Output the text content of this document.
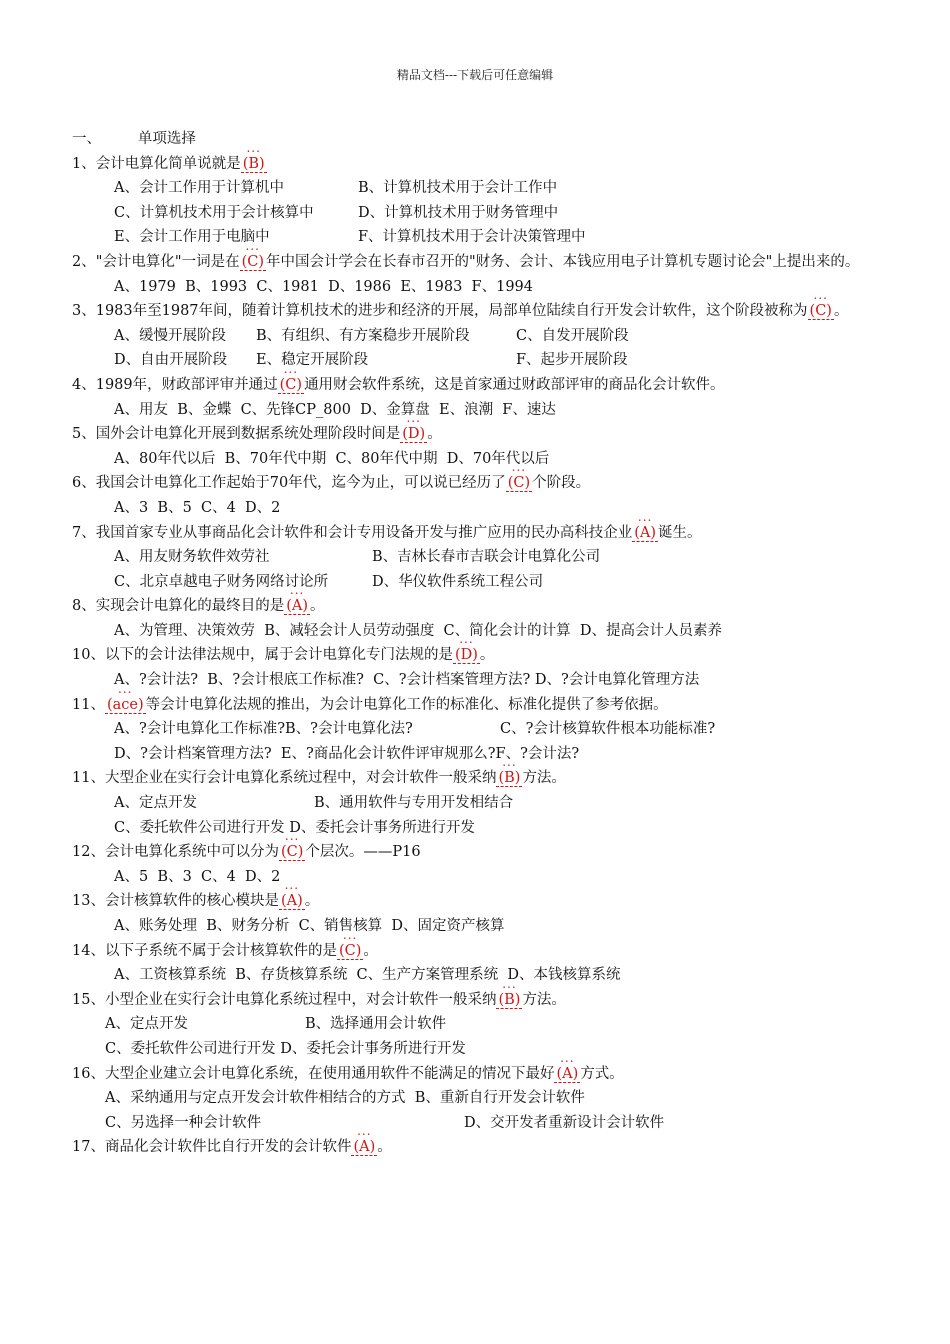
精品文档---下载后可任意编辑
一、        单项选择
1、会计电算化简单说就是 ... (B)
A、会计工作用于计算机中	B、计算机技术用于会计工作中
C、计算机技术用于会计核算中	D、计算机技术用于财务管理中
E、会计工作用于电脑中	F、计算机技术用于会计决策管理中
2、"会计电算化"一词是在 ... (C) 年中国会计学会在长春市召开的"财务、会计、本钱应用电子计算机专题讨论会"上提出来的。
A、1979  B、1993  C、1981  D、1986  E、1983  F、1994
3、1983年至1987年间，随着计算机技术的进步和经济的开展，局部单位陆续自行开发会计软件，这个阶段被称为 ... (C) 。
A、缓慢开展阶段 B、有组织、有方案稳步开展阶段	C、自发开展阶段
D、自由开展阶段 E、稳定开展阶段	F、起步开展阶段
4、1989年，财政部评审并通过 ... (C) 通用财会软件系统，这是首家通过财政部评审的商品化会计软件。
A、用友  B、金蝶  C、先锋CP_800  D、金算盘  E、浪潮  F、速达
5、国外会计电算化开展到数据系统处理阶段时间是 ... (D) 。
A、80年代以后  B、70年代中期  C、80年代中期  D、70年代以后
6、我国会计电算化工作起始于70年代，迄今为止，可以说已经历了 ... (C) 个阶段。
A、3  B、5  C、4  D、2
7、我国首家专业从事商品化会计软件和会计专用设备开发与推广应用的民办高科技企业 ... (A) 诞生。
A、用友财务软件效劳社	B、吉林长春市吉联会计电算化公司
C、北京卓越电子财务网络讨论所	D、华仪软件系统工程公司
8、实现会计电算化的最终目的是 ... (A) 。
A、为管理、决策效劳  B、减轻会计人员劳动强度  C、简化会计的计算  D、提高会计人员素养
10、以下的会计法律法规中，属于会计电算化专门法规的是 ... (D) 。
A、?会计法?  B、?会计根底工作标准?  C、?会计档案管理方法? D、?会计电算化管理方法
11、 ... (ace) 等会计电算化法规的推出，为会计电算化工作的标准化、标准化提供了参考依据。
A、?会计电算化工作标准?B、?会计电算化法?	C、?会计核算软件根本功能标准?
D、?会计档案管理方法?  E、?商品化会计软件评审规那么?F、?会计法?
11、大型企业在实行会计电算化系统过程中，对会计软件一般采纳 ... (B) 方法。
A、定点开发	B、通用软件与专用开发相结合
C、委托软件公司进行开发 D、委托会计事务所进行开发
12、会计电算化系统中可以分为 ... (C) 个层次。——P16
A、5  B、3  C、4  D、2
13、会计核算软件的核心模块是 ... (A) 。
A、账务处理  B、财务分析  C、销售核算  D、固定资产核算
14、以下子系统不属于会计核算软件的是 ... (C) 。
A、工资核算系统  B、存货核算系统  C、生产方案管理系统  D、本钱核算系统
15、小型企业在实行会计电算化系统过程中，对会计软件一般采纳 ... (B) 方法。
A、定点开发	B、选择通用会计软件
C、委托软件公司进行开发 D、委托会计事务所进行开发
16、大型企业建立会计电算化系统，在使用通用软件不能满足的情况下最好 ... (A) 方式。
A、采纳通用与定点开发会计软件相结合的方式  B、重新自行开发会计软件
C、另选择一种会计软件	D、交开发者重新设计会计软件
17、商品化会计软件比自行开发的会计软件 ... (A) 。
